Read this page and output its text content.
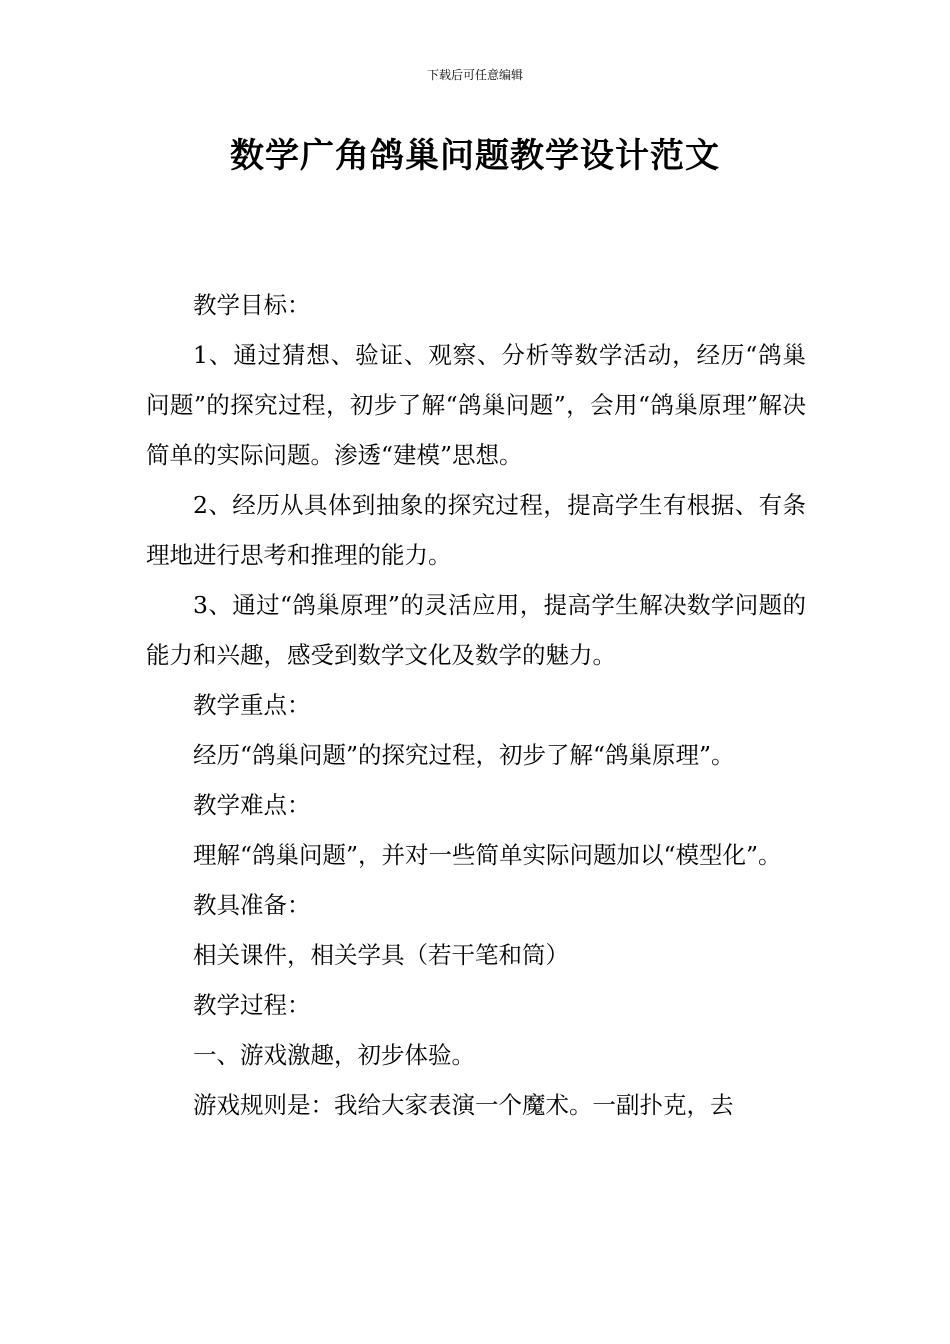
下载后可任意编辑
数学广角鸽巢问题教学设计范文

教学目标：

1、通过猜想、验证、观察、分析等数学活动，经历“鸽巢问题”的探究过程，初步了解“鸽巢问题”，会用“鸽巢原理”解决简单的实际问题。渗透“建模”思想。

2、经历从具体到抽象的探究过程，提高学生有根据、有条理地进行思考和推理的能力。

3、通过“鸽巢原理”的灵活应用，提高学生解决数学问题的能力和兴趣，感受到数学文化及数学的魅力。

教学重点：

经历“鸽巢问题”的探究过程，初步了解“鸽巢原理”。

教学难点：

理解“鸽巢问题”，并对一些简单实际问题加以“模型化”。

教具准备：

相关课件，相关学具（若干笔和筒）

教学过程：

一、游戏激趣，初步体验。

游戏规则是：我给大家表演一个魔术。一副扑克，去
